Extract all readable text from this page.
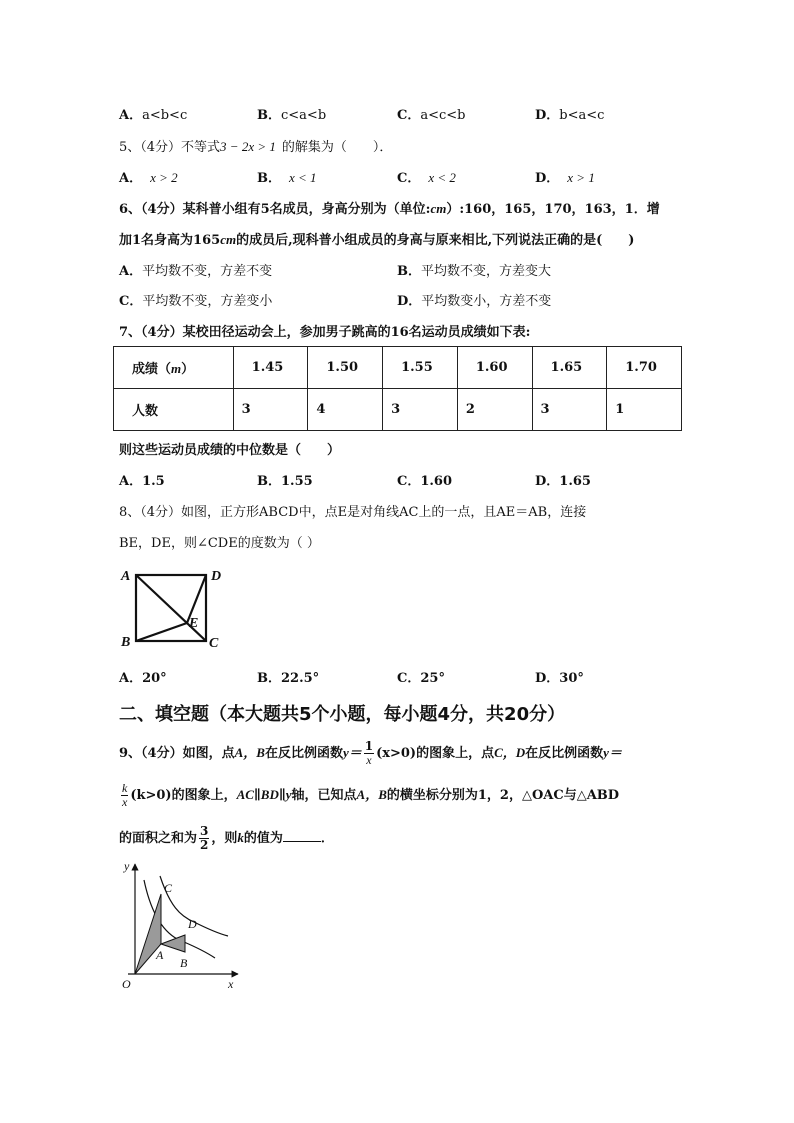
A．a<b<c	B．c<a<b	C．a<c<b	D．b<a<c
5、（4分）不等式3 − 2x > 1 的解集为（　　）．
A． x > 2	B． x < 1	C． x < 2	D． x > 1
6、（4分）某科普小组有5名成员，身高分别为（单位:cm）:160，165，170，163，1．增
加1名身高为165cm的成员后,现科普小组成员的身高与原来相比,下列说法正确的是(　　)
A．平均数不变，方差不变	B．平均数不变，方差变大
C．平均数不变，方差变小	D．平均数变小，方差不变
7、（4分）某校田径运动会上，参加男子跳高的16名运动员成绩如下表:
成绩（m）	1.45	1.50	1.55	1.60	1.65	1.70
人数	3	4	3	2	3	1
则这些运动员成绩的中位数是（　　）
A．1.5	B．1.55	C．1.60	D．1.65
8、（4分）如图，正方形ABCD中，点E是对角线AC上的一点，且AE＝AB，连接
BE，DE，则∠CDE的度数为（ ）
A	D
B	C
E
A．20°	B．22.5°	C．25°	D．30°
二、填空题（本大题共5个小题，每小题4分，共20分）
9、（4分）如图，点A，B在反比例函数$y= \frac{1}{x} (x>0)$的图象上，点C，D在反比例函数y＝
$\frac{k}{x} (k>0)$的图象上，AC∥BD∥y轴，已知点A，B的横坐标分别为1，2，△OAC与△ABD
的面积之和为 $\frac{3}{2}$ ，则k的值为	．
y
x
O
A
B
C
D
